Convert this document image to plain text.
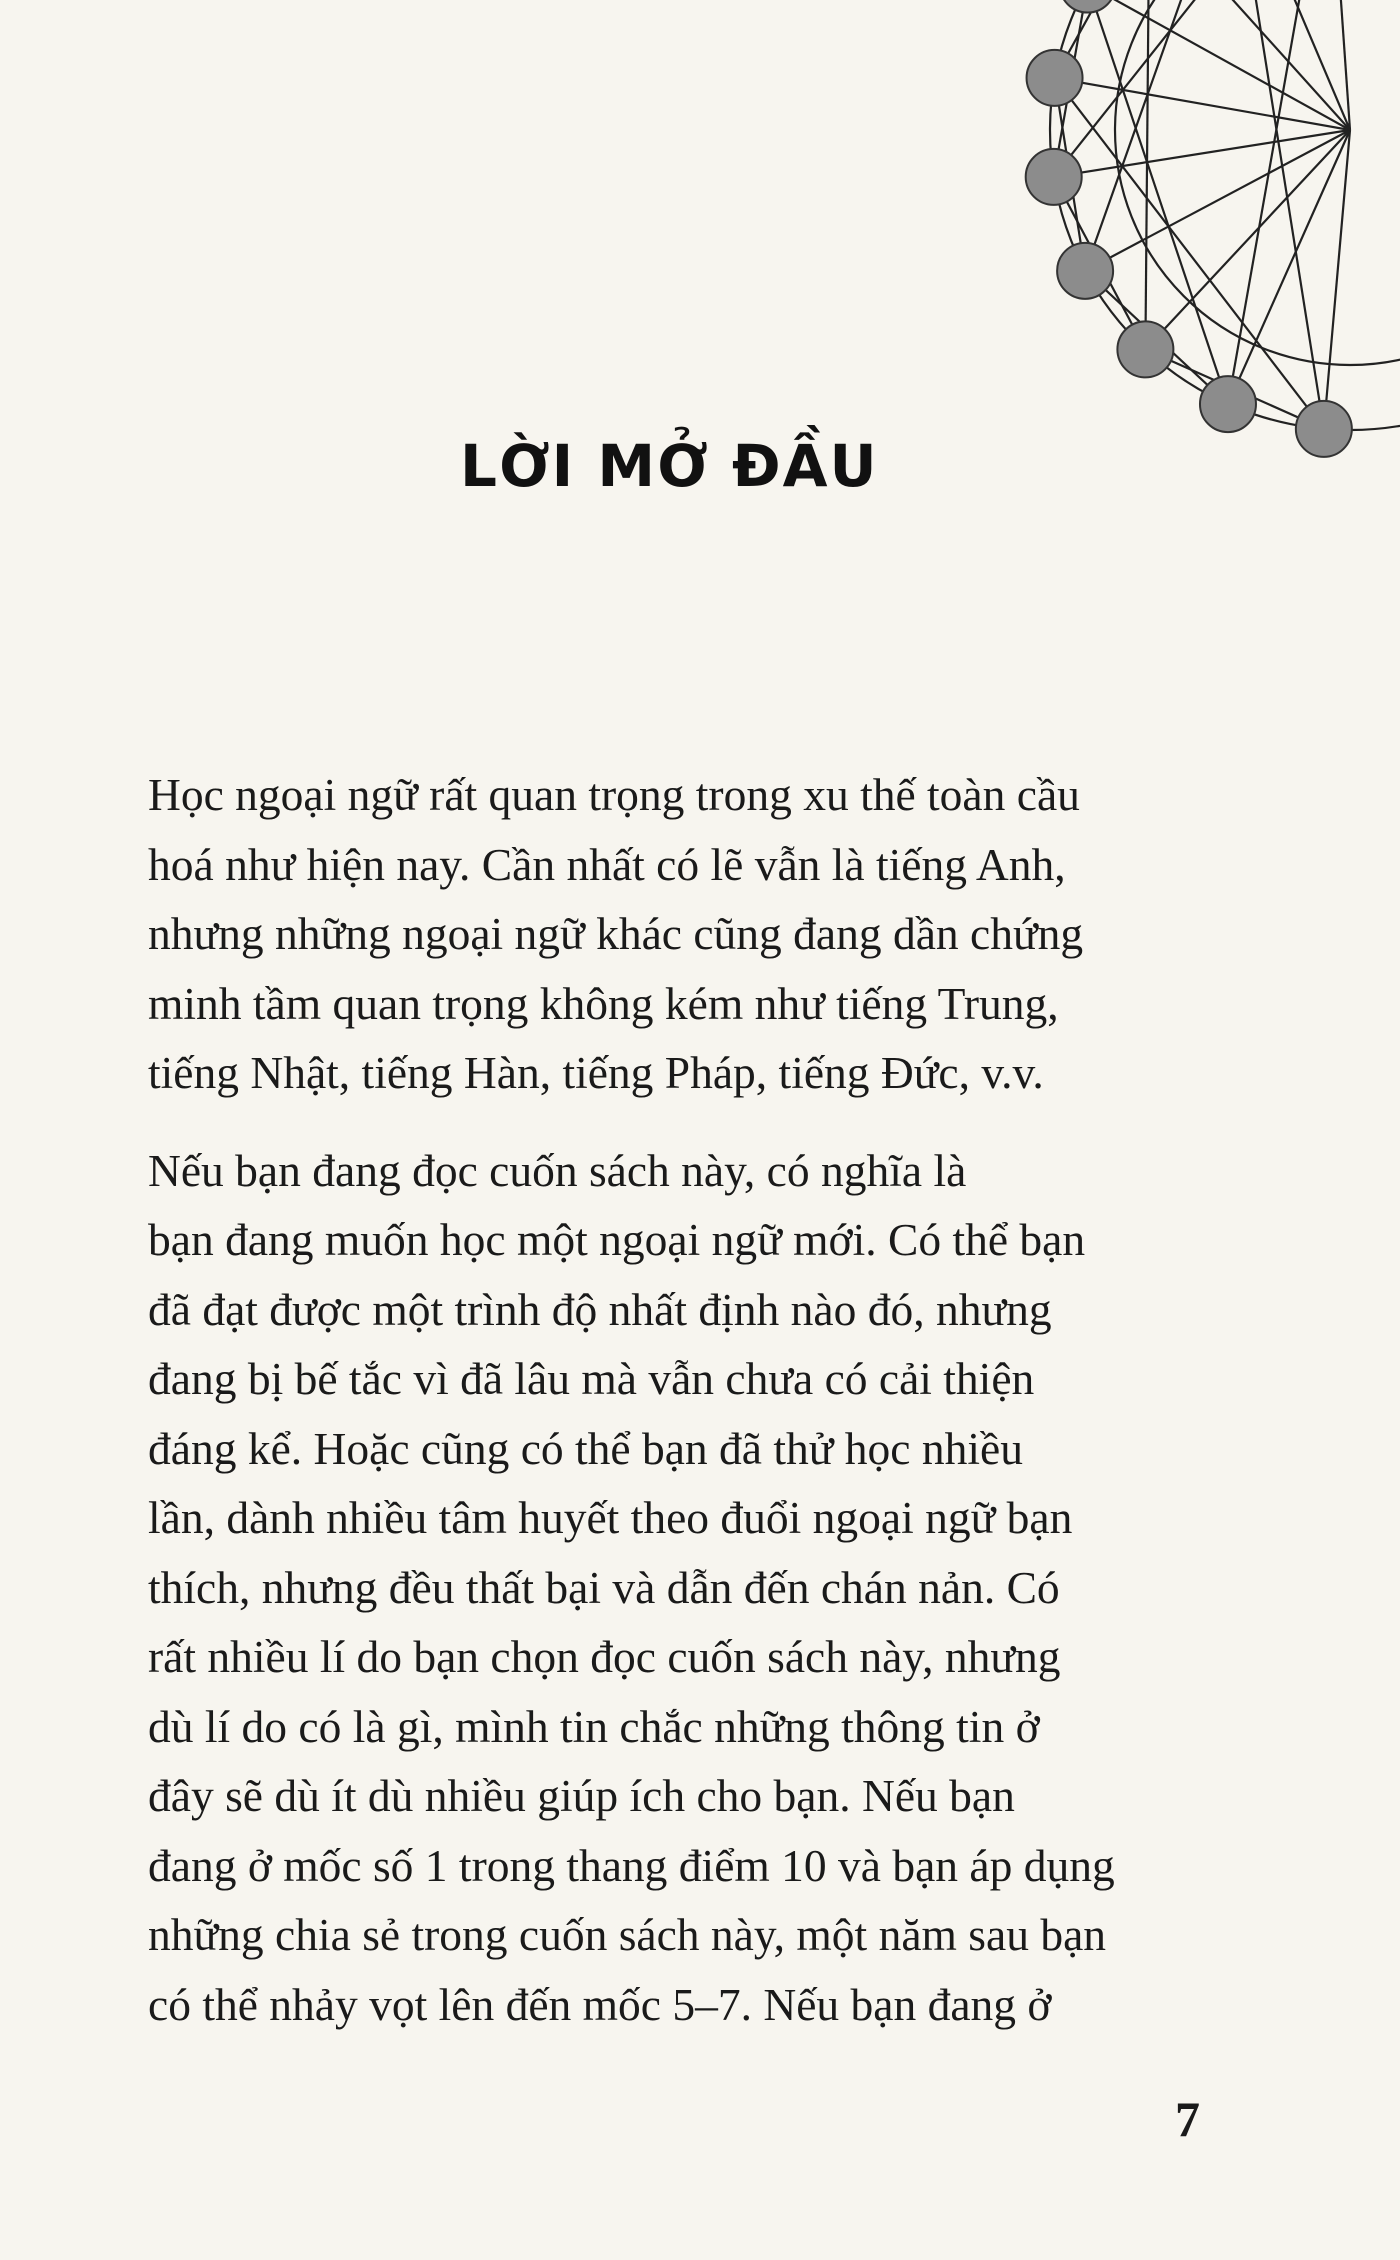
LỜI MỞ ĐẦU

Học ngoại ngữ rất quan trọng trong xu thế toàn cầu
hoá như hiện nay. Cần nhất có lẽ vẫn là tiếng Anh,
nhưng những ngoại ngữ khác cũng đang dần chứng
minh tầm quan trọng không kém như tiếng Trung,
tiếng Nhật, tiếng Hàn, tiếng Pháp, tiếng Đức, v.v.

Nếu bạn đang đọc cuốn sách này, có nghĩa là
bạn đang muốn học một ngoại ngữ mới. Có thể bạn
đã đạt được một trình độ nhất định nào đó, nhưng
đang bị bế tắc vì đã lâu mà vẫn chưa có cải thiện
đáng kể. Hoặc cũng có thể bạn đã thử học nhiều
lần, dành nhiều tâm huyết theo đuổi ngoại ngữ bạn
thích, nhưng đều thất bại và dẫn đến chán nản. Có
rất nhiều lí do bạn chọn đọc cuốn sách này, nhưng
dù lí do có là gì, mình tin chắc những thông tin ở
đây sẽ dù ít dù nhiều giúp ích cho bạn. Nếu bạn
đang ở mốc số 1 trong thang điểm 10 và bạn áp dụng
những chia sẻ trong cuốn sách này, một năm sau bạn
có thể nhảy vọt lên đến mốc 5–7. Nếu bạn đang ở

7
